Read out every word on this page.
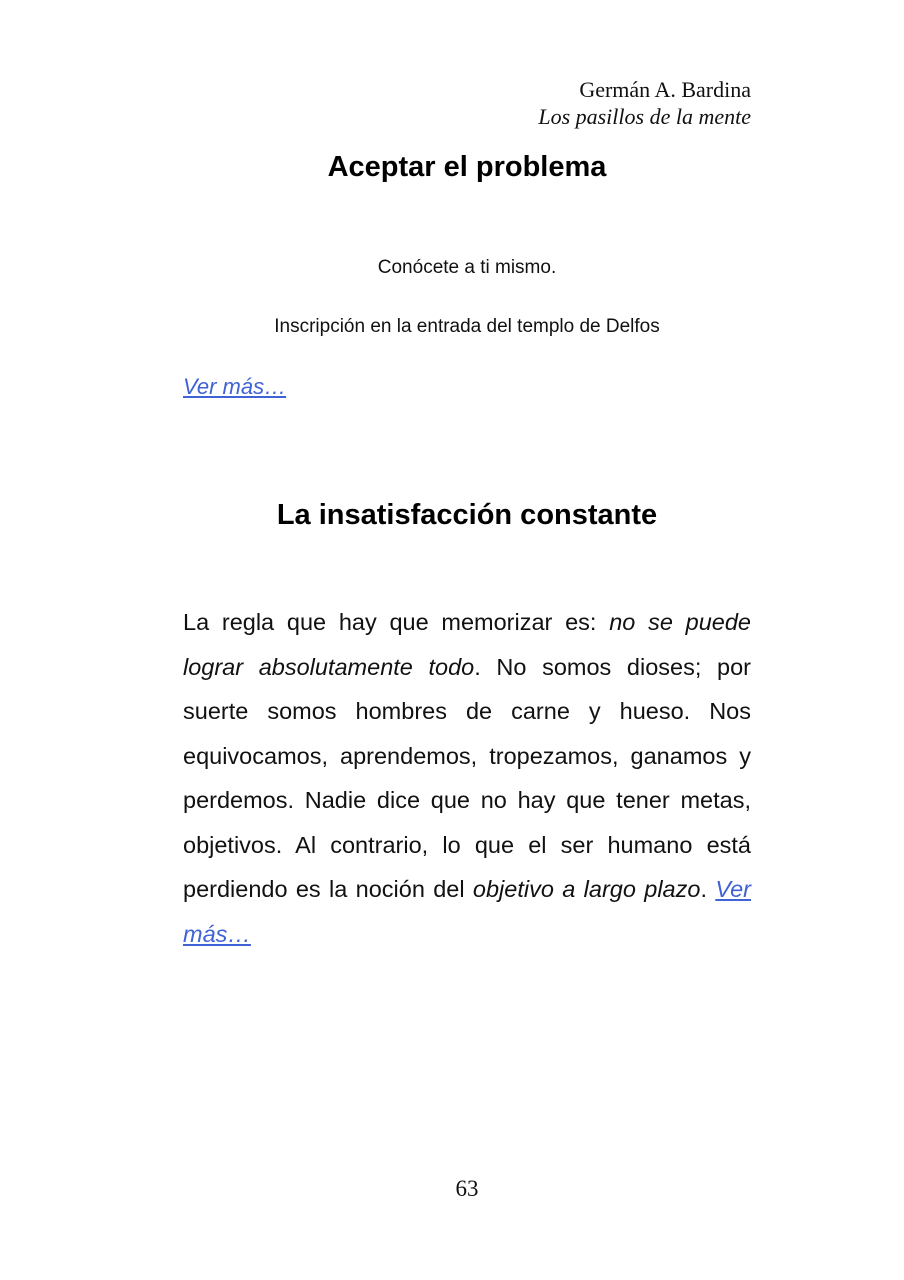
Germán A. Bardina
Los pasillos de la mente
Aceptar el problema

Conócete a ti mismo.

Inscripción en la entrada del templo de Delfos

Ver más…
La insatisfacción constante

La regla que hay que memorizar es: no se puede lograr absolutamente todo. No somos dioses; por suerte somos hombres de carne y hueso. Nos equivocamos, aprendemos, tropezamos, ganamos y perdemos. Nadie dice que no hay que tener metas, objetivos. Al contrario, lo que el ser humano está perdiendo es la noción del objetivo a largo plazo. Ver más…

63
